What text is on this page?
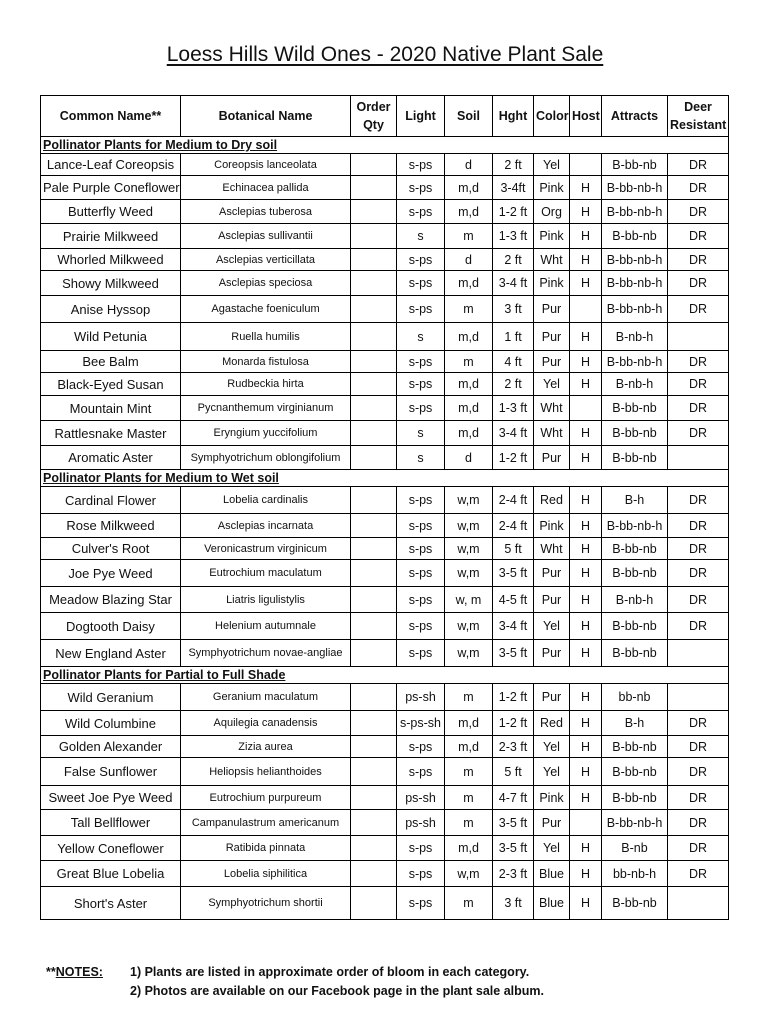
Loess Hills Wild Ones - 2020 Native Plant Sale
Common Name**	Botanical Name	Order
Qty	Light	Soil	Hght	Color	Host	Attracts	Deer
Resistant
Pollinator Plants for Medium to Dry soil									
Lance-Leaf Coreopsis	Coreopsis lanceolata		s-ps	d	2 ft	Yel		B-bb-nb	DR
Pale Purple Coneflower	Echinacea pallida		s-ps	m,d	3-4ft	Pink	H	B-bb-nb-h	DR
Butterfly Weed	Asclepias tuberosa		s-ps	m,d	1-2 ft	Org	H	B-bb-nb-h	DR
Prairie Milkweed	Asclepias sullivantii		s	m	1-3 ft	Pink	H	B-bb-nb	DR
Whorled Milkweed	Asclepias verticillata		s-ps	d	2 ft	Wht	H	B-bb-nb-h	DR
Showy Milkweed	Asclepias speciosa		s-ps	m,d	3-4 ft	Pink	H	B-bb-nb-h	DR
Anise Hyssop	Agastache foeniculum		s-ps	m	3 ft	Pur		B-bb-nb-h	DR
Wild Petunia	Ruella humilis		s	m,d	1 ft	Pur	H	B-nb-h	
Bee Balm	Monarda fistulosa		s-ps	m	4 ft	Pur	H	B-bb-nb-h	DR
Black-Eyed Susan	Rudbeckia hirta		s-ps	m,d	2 ft	Yel	H	B-nb-h	DR
Mountain Mint	Pycnanthemum virginianum		s-ps	m,d	1-3 ft	Wht		B-bb-nb	DR
Rattlesnake Master	Eryngium yuccifolium		s	m,d	3-4 ft	Wht	H	B-bb-nb	DR
Aromatic Aster	Symphyotrichum oblongifolium		s	d	1-2 ft	Pur	H	B-bb-nb	
Pollinator Plants for Medium to Wet soil									
Cardinal Flower	Lobelia cardinalis		s-ps	w,m	2-4 ft	Red	H	B-h	DR
Rose Milkweed	Asclepias incarnata		s-ps	w,m	2-4 ft	Pink	H	B-bb-nb-h	DR
Culver's Root	Veronicastrum virginicum		s-ps	w,m	5 ft	Wht	H	B-bb-nb	DR
Joe Pye Weed	Eutrochium maculatum		s-ps	w,m	3-5 ft	Pur	H	B-bb-nb	DR
Meadow Blazing Star	Liatris ligulistylis		s-ps	w, m	4-5 ft	Pur	H	B-nb-h	DR
Dogtooth Daisy	Helenium autumnale		s-ps	w,m	3-4 ft	Yel	H	B-bb-nb	DR
New England Aster	Symphyotrichum novae-angliae		s-ps	w,m	3-5 ft	Pur	H	B-bb-nb	
Pollinator Plants for Partial to Full Shade									
Wild Geranium	Geranium maculatum		ps-sh	m	1-2 ft	Pur	H	bb-nb	
Wild Columbine	Aquilegia canadensis		s-ps-sh	m,d	1-2 ft	Red	H	B-h	DR
Golden Alexander	Zizia aurea		s-ps	m,d	2-3 ft	Yel	H	B-bb-nb	DR
False Sunflower	Heliopsis helianthoides		s-ps	m	5 ft	Yel	H	B-bb-nb	DR
Sweet Joe Pye Weed	Eutrochium purpureum		ps-sh	m	4-7 ft	Pink	H	B-bb-nb	DR
Tall Bellflower	Campanulastrum americanum		ps-sh	m	3-5 ft	Pur		B-bb-nb-h	DR
Yellow Coneflower	Ratibida pinnata		s-ps	m,d	3-5 ft	Yel	H	B-nb	DR
Great Blue Lobelia	Lobelia siphilitica		s-ps	w,m	2-3 ft	Blue	H	bb-nb-h	DR
Short's Aster	Symphyotrichum shortii		s-ps	m	3 ft	Blue	H	B-bb-nb	
**NOTES: 1) Plants are listed in approximate order of bloom in each category.
2) Photos are available on our Facebook page in the plant sale album.
